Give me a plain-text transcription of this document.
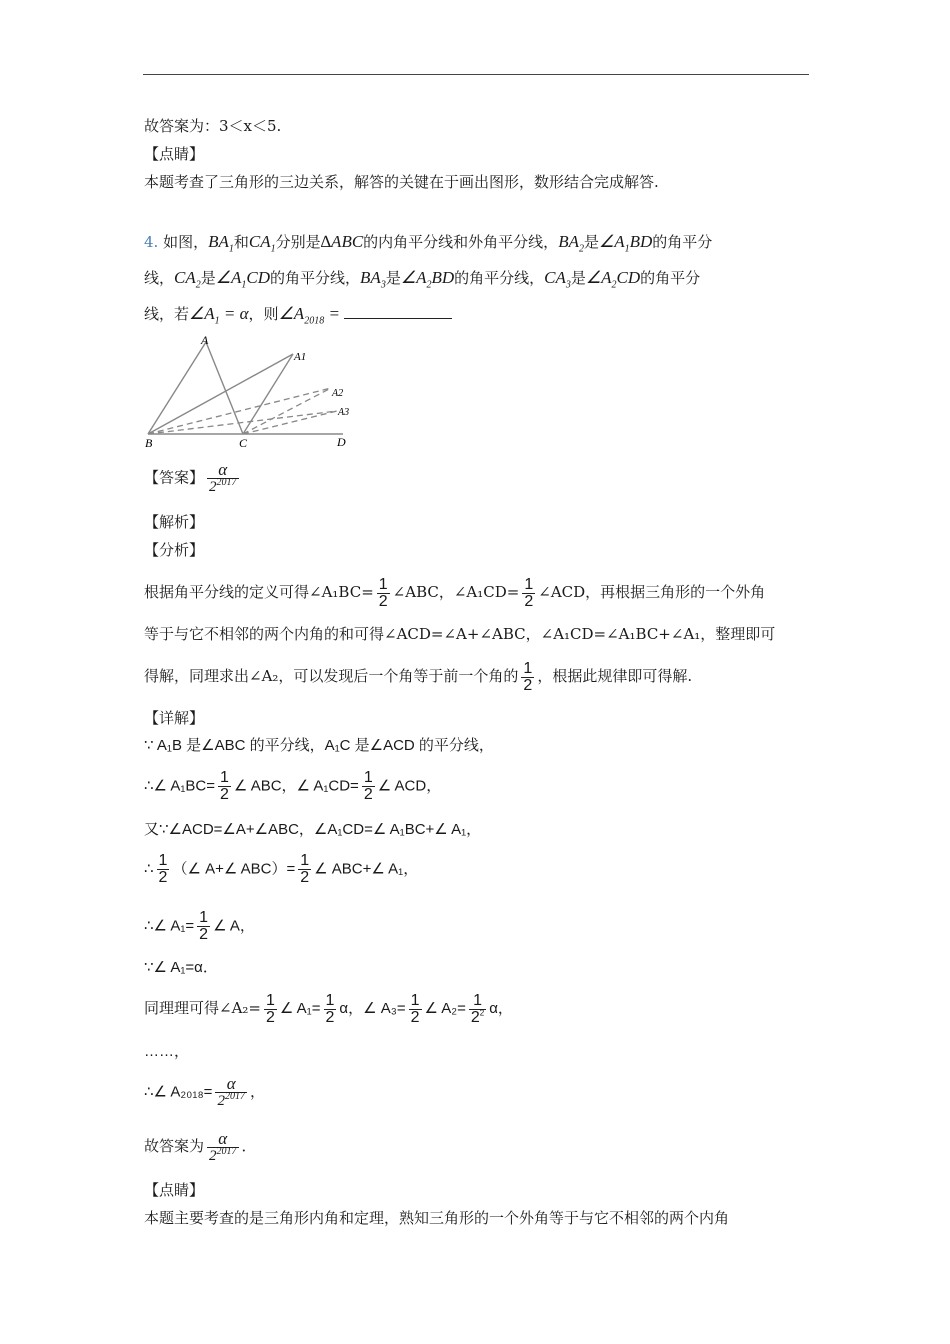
故答案为：3＜x＜5.
【点睛】
本题考查了三角形的三边关系，解答的关键在于画出图形，数形结合完成解答.
4. 如图，$BA_1$和$CA_1$分别是∆ABC的内角平分线和外角平分线，$BA_2$是$\angle A_1BD$的角平分
线，$CA_2$是$\angle A_1CD$的角平分线，$BA_3$是$\angle A_2BD$的角平分线，$CA_3$是$\angle A_2CD$的角平分
线，若$\angle A_1 = \alpha$，则$\angle A_{2018}$ =
A
A1
A2
A3
B	C	D
【答案】 $\frac{\alpha}{2^{2017}}$
【解析】
【分析】
根据角平分线的定义可得∠A₁BC= $\frac{1}{2}$ ∠ABC，∠A₁CD= $\frac{1}{2}$ ∠ACD，再根据三角形的一个外角
等于与它不相邻的两个内角的和可得∠ACD=∠A+∠ABC，∠A₁CD=∠A₁BC+∠A₁，整理即可
得解，同理求出∠A₂，可以发现后一个角等于前一个角的 $\frac{1}{2}$ ，根据此规律即可得解.
【详解】
∵ A₁B 是∠ABC 的平分线，A₁C 是∠ACD 的平分线，
∴∠ $A_1BC= \frac{1}{2}$ ∠ ABC，∠ $A_1CD= \frac{1}{2}$ ∠ ACD，
又∵∠ACD=∠A+∠ABC，∠A₁CD=∠ A₁BC+∠ A₁，
∴ $\frac{1}{2}$ （∠ A+∠ $ABC)= \frac{1}{2}$ ∠ ABC+∠ A₁，
∴∠ $A_1= \frac{1}{2}$ ∠ A，
∵∠ A₁=α．
同理理可得∠A₂= $\frac{1}{2}$ ∠ $A_1= \frac{1}{2}$ α，∠ $A_3= \frac{1}{2}$ ∠ $A_2= \frac{1}{2^2}$ α，
……，
∴∠ $A_{2018}= \frac{\alpha}{2^{2017}}$ ，
故答案为 $\frac{\alpha}{2^{2017}}$ ．
【点睛】
本题主要考查的是三角形内角和定理，熟知三角形的一个外角等于与它不相邻的两个内角
